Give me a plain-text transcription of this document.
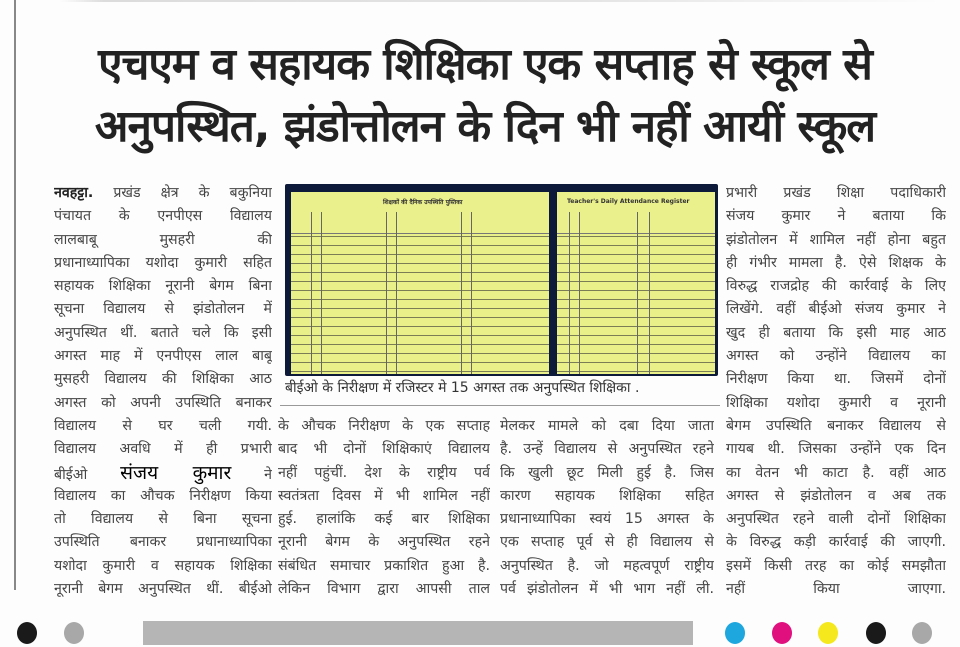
एचएम व सहायक शिक्षिका एक सप्ताह से स्कूल से
अनुपस्थित, झंडोत्तोलन के दिन भी नहीं आयीं स्कूल
नवहट्टा. प्रखंड क्षेत्र के बकुनिया
पंचायत के एनपीएस विद्यालय
लालबाबू मुसहरी की
प्रधानाध्यापिका यशोदा कुमारी सहित
सहायक शिक्षिका नूरानी बेगम बिना
सूचना विद्यालय से झंडोतोलन में
अनुपस्थित थीं. बताते चले कि इसी
अगस्त माह में एनपीएस लाल बाबू
मुसहरी विद्यालय की शिक्षिका आठ
अगस्त को अपनी उपस्थिति बनाकर
विद्यालय से घर चली गयी.
विद्यालय अवधि में ही प्रभारी
बीईओ संजय कुमार ने
विद्यालय का औचक निरीक्षण किया
तो विद्यालय से बिना सूचना
उपस्थिति बनाकर प्रधानाध्यापिका
यशोदा कुमारी व सहायक शिक्षिका
नूरानी बेगम अनुपस्थित थीं. बीईओ
शिक्षकों की दैनिक उपस्थिति पुस्तिका	Teacher's Daily Attendance Register
बीईओ के निरीक्षण में रजिस्टर मे 15 अगस्त तक अनुपस्थित शिक्षिका .
के औचक निरीक्षण के एक सप्ताह
बाद भी दोनों शिक्षिकाएं विद्यालय
नहीं पहुंचीं. देश के राष्ट्रीय पर्व
स्वतंत्रता दिवस में भी शामिल नहीं
हुई. हालांकि कई बार शिक्षिका
नूरानी बेगम के अनुपस्थित रहने
संबंधित समाचार प्रकाशित हुआ है.
लेकिन विभाग द्वारा आपसी ताल
मेलकर मामले को दबा दिया जाता
है. उन्हें विद्यालय से अनुपस्थित रहने
कि खुली छूट मिली हुई है. जिस
कारण सहायक शिक्षिका सहित
प्रधानाध्यापिका स्वयं 15 अगस्त के
एक सप्ताह पूर्व से ही विद्यालय से
अनुपस्थित है. जो महत्वपूर्ण राष्ट्रीय
पर्व झंडोतोलन में भी भाग नहीं ली.
प्रभारी प्रखंड शिक्षा पदाधिकारी
संजय कुमार ने बताया कि
झंडोतोलन में शामिल नहीं होना बहुत
ही गंभीर मामला है. ऐसे शिक्षक के
विरुद्ध राजद्रोह की कार्रवाई के लिए
लिखेंगे. वहीं बीईओ संजय कुमार ने
खुद ही बताया कि इसी माह आठ
अगस्त को उन्होंने विद्यालय का
निरीक्षण किया था. जिसमें दोनों
शिक्षिका यशोदा कुमारी व नूरानी
बेगम उपस्थिति बनाकर विद्यालय से
गायब थी. जिसका उन्होंने एक दिन
का वेतन भी काटा है. वहीं आठ
अगस्त से झंडोतोलन व अब तक
अनुपस्थित रहने वाली दोनों शिक्षिका
के विरुद्ध कड़ी कार्रवाई की जाएगी.
इसमें किसी तरह का कोई समझौता
नहीं किया जाएगा.
